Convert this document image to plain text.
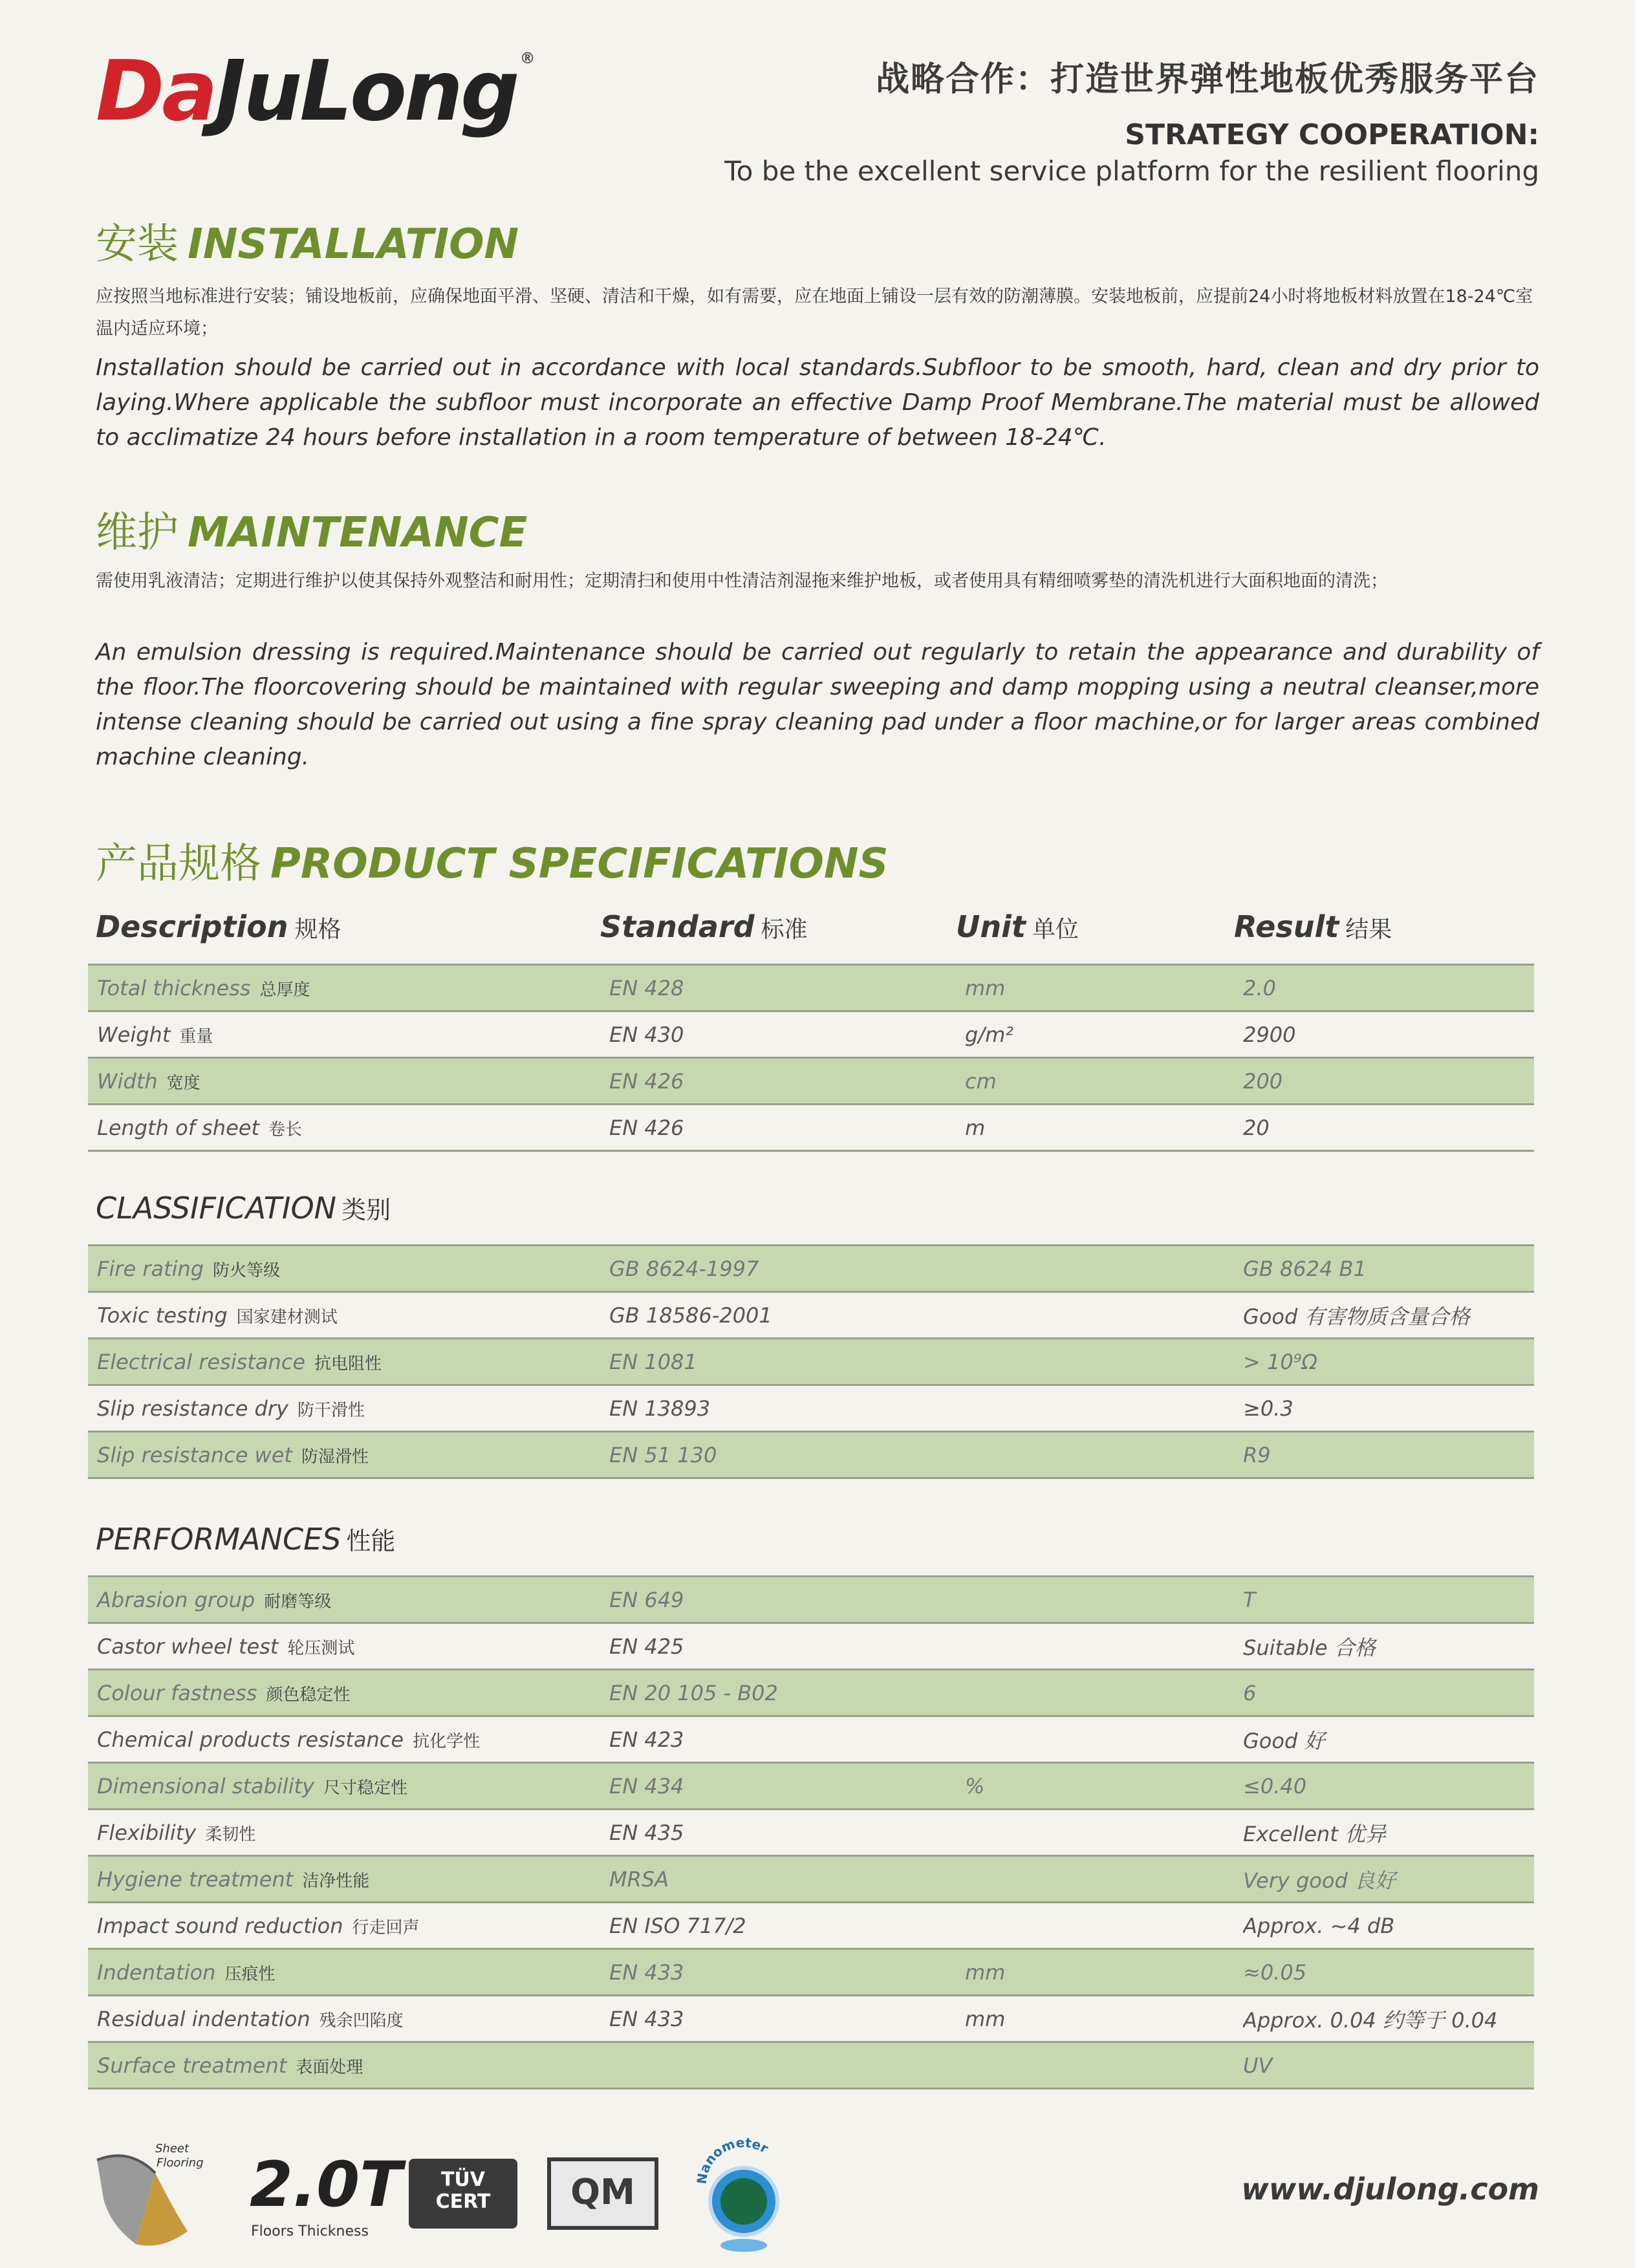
DaJuLong ®
战略合作：打造世界弹性地板优秀服务平台
STRATEGY COOPERATION:
To be the excellent service platform for the resilient flooring
安装 INSTALLATION
应按照当地标准进行安装；铺设地板前，应确保地面平滑、坚硬、清洁和干燥，如有需要，应在地面上铺设一层有效的防潮薄膜。安装地板前，应提前24小时将地板材料放置在18-24℃室温内适应环境；
Installation should be carried out in accordance with local standards.Subfloor to be smooth, hard, clean and dry prior to laying.Where applicable the subfloor must incorporate an effective Damp Proof Membrane.The material must be allowed to acclimatize 24 hours before installation in a room temperature of between 18-24℃.
维护 MAINTENANCE
需使用乳液清洁；定期进行维护以使其保持外观整洁和耐用性；定期清扫和使用中性清洁剂湿拖来维护地板，或者使用具有精细喷雾垫的清洗机进行大面积地面的清洗；
An emulsion dressing is required.Maintenance should be carried out regularly to retain the appearance and durability of the floor.The floorcovering should be maintained with regular sweeping and damp mopping using a neutral cleanser,more intense cleaning should be carried out using a fine spray cleaning pad under a floor machine,or for larger areas combined machine cleaning.
产品规格 PRODUCT SPECIFICATIONS
Description 规格	Standard 标准	Unit 单位	Result 结果
Total thickness 总厚度	EN 428	mm	2.0
Weight 重量	EN 430	g/m²	2900
Width 宽度	EN 426	cm	200
Length of sheet 卷长	EN 426	m	20
CLASSIFICATION 类别
Fire rating 防火等级	GB 8624-1997		GB 8624 B1
Toxic testing 国家建材测试	GB 18586-2001		Good 有害物质含量合格
Electrical resistance 抗电阻性	EN 1081		> 10⁹Ω
Slip resistance dry 防干滑性	EN 13893		≥0.3
Slip resistance wet 防湿滑性	EN 51 130		R9
PERFORMANCES 性能
Abrasion group 耐磨等级	EN 649		T
Castor wheel test 轮压测试	EN 425		Suitable 合格
Colour fastness 颜色稳定性	EN 20 105 - B02		6
Chemical products resistance 抗化学性	EN 423		Good 好
Dimensional stability 尺寸稳定性	EN 434	%	≤0.40
Flexibility 柔韧性	EN 435		Excellent 优异
Hygiene treatment 洁净性能	MRSA		Very good 良好
Impact sound reduction 行走回声	EN ISO 717/2		Approx. ~4 dB
Indentation 压痕性	EN 433	mm	≈0.05
Residual indentation 残余凹陷度	EN 433	mm	Approx. 0.04 约等于 0.04
Surface treatment 表面处理			UV
Sheet
Flooring 2.0T
Floors Thickness
TÜV
CERT	QM	Nanometer
www.djulong.com
